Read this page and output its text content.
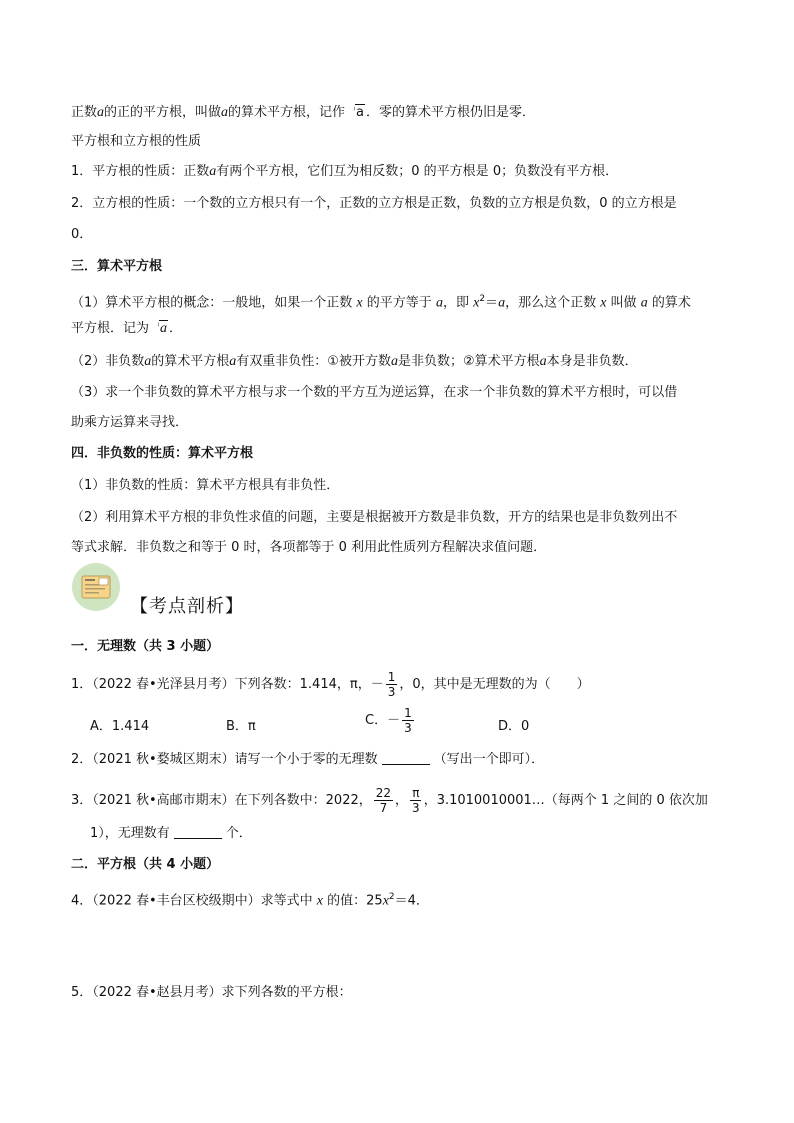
正数a的正的平方根，叫做a的算术平方根，记作 a ．零的算术平方根仍旧是零．
平方根和立方根的性质
1．平方根的性质：正数a有两个平方根，它们互为相反数；0 的平方根是 0；负数没有平方根．
2．立方根的性质：一个数的立方根只有一个，正数的立方根是正数，负数的立方根是负数，0 的立方根是
0．
三．算术平方根
（1）算术平方根的概念：一般地，如果一个正数 x 的平方等于 a，即 $x^2=a$，那么这个正数 x 叫做 a 的算术
平方根．记为 a ．
（2）非负数a的算术平方根a有双重非负性：①被开方数a是非负数；②算术平方根a本身是非负数．
（3）求一个非负数的算术平方根与求一个数的平方互为逆运算，在求一个非负数的算术平方根时，可以借
助乘方运算来寻找．
四．非负数的性质：算术平方根
（1）非负数的性质：算术平方根具有非负性．
（2）利用算术平方根的非负性求值的问题，主要是根据被开方数是非负数，开方的结果也是非负数列出不
等式求解．非负数之和等于 0 时，各项都等于 0 利用此性质列方程解决求值问题．
【考点剖析】
一．无理数（共 3 小题）
1．（2022 春•光泽县月考）下列各数：1.414，π，－ $\frac{1}{3}$ ，0，其中是无理数的为（　　）
A．1.414	B．π	C．－ $\frac{1}{3}$	D．0
2．（2021 秋•婺城区期末）请写一个小于零的无理数	（写出一个即可）．
3．（2021 秋•高邮市期末）在下列各数中：2022， $\frac{22}{7}$ ， $\frac{\pi}{3}$ ，3.1010010001…（每两个 1 之间的 0 依次加
1），无理数有	个．
二．平方根（共 4 小题）
4．（2022 春•丰台区校级期中）求等式中 x 的值：$25x^2=4$．
5．（2022 春•赵县月考）求下列各数的平方根：
